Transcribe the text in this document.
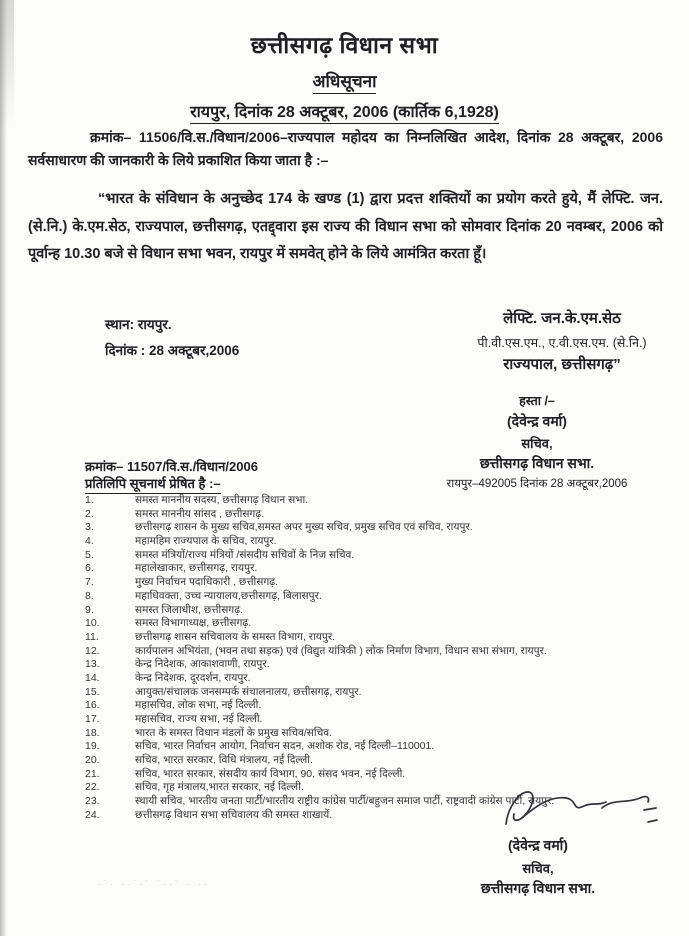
छत्तीसगढ़ विधान सभा
अधिसूचना
रायपुर, दिनांक 28 अक्टूबर, 2006 (कार्तिक 6,1928)

क्रमांक– 11506/वि.स./विधान/2006–राज्यपाल महोदय का निम्नलिखित आदेश, दिनांक 28 अक्टूबर, 2006 सर्वसाधारण की जानकारी के लिये प्रकाशित किया जाता है :–

“भारत के संविधान के अनुच्छेद 174 के खण्ड (1) द्वारा प्रदत्त शक्तियों का प्रयोग करते हुये, मैं लेफ्टि. जन. (से.नि.) के.एम.सेठ, राज्यपाल, छत्तीसगढ़, एतद्द्वारा इस राज्य की विधान सभा को सोमवार दिनांक 20 नवम्बर, 2006 को पूर्वान्ह 10.30 बजे से विधान सभा भवन, रायपुर में समवेत् होने के लिये आमंत्रित करता हूँ।

स्थान: रायपुर.
दिनांक : 28 अक्टूबर,2006
लेफ्टि. जन.के.एम.सेठ
पी.वी.एस.एम., ए.वी.एस.एम. (से.नि.)
राज्यपाल, छत्तीसगढ़”
हस्ता /–
(देवेन्द्र वर्मा)
सचिव,
छत्तीसगढ़ विधान सभा.
रायपुर–492005 दिनांक 28 अक्टूबर,2006
क्रमांक– 11507/वि.स./विधान/2006
प्रतिलिपि सूचनार्थ प्रेषित है :–
1.	समस्त माननीय सदस्य, छत्तीसगढ़ विधान सभा.
2.	समस्त माननीय सांसद , छत्तीसगढ़.
3.	छत्तीसगढ़ शासन के मुख्य सचिव,समस्त अपर मुख्य सचिव, प्रमुख सचिव एवं सचिव, रायपुर.
4.	महामहिम राज्यपाल के सचिव, रायपुर.
5.	समस्त मंत्रियों/राज्य मंत्रियों /संसदीय सचिवों के निज सचिव.
6.	महालेखाकार, छत्तीसगढ़, रायपुर.
7.	मुख्य निर्वाचन पदाधिकारी , छत्तीसगढ़.
8.	महाधिवक्ता, उच्च न्यायालय,छत्तीसगढ़, बिलासपुर.
9.	समस्त जिलाधीश, छत्तीसगढ़.
10.	समस्त विभागाध्यक्ष, छत्तीसगढ़.
11.	छत्तीसगढ़ शासन सचिवालय के समस्त विभाग, रायपुर.
12.	कार्यपालन अभियंता, (भवन तथा सड़क) एवं (विद्युत यांत्रिकी ) लोक निर्माण विभाग, विधान सभा संभाग, रायपुर.
13.	केन्द्र निदेशक, आकाशवाणी, रायपुर.
14.	केन्द्र निदेशक, दूरदर्शन, रायपुर.
15.	आयुक्त/संचालक जनसम्पर्क संचालनालय, छत्तीसगढ़, रायपुर.
16.	महासचिव, लोक सभा, नई दिल्ली.
17.	महासचिव, राज्य सभा, नई दिल्ली.
18.	भारत के समस्त विधान मंडलों के प्रमुख सचिव/सचिव.
19.	सचिव, भारत निर्वाचन आयोग, निर्वाचन सदन, अशोक रोड, नई दिल्ली–110001.
20.	सचिव, भारत सरकार, विधि मंत्रालय, नई दिल्ली.
21.	सचिव, भारत सरकार, संसदीय कार्य विभाग, 90, संसद भवन, नई दिल्ली.
22.	सचिव, गृह मंत्रालय,भारत सरकार, नई दिल्ली.
23.	स्थायी सचिव, भारतीय जनता पार्टी/भारतीय राष्ट्रीय कांग्रेस पार्टी/बहुजन समाज पार्टी, राष्ट्रवादी कांग्रेस पार्टी, रायपुर.
24.	छत्तीसगढ़ विधान सभा सचिवालय की समस्त शाखायें.
(देवेन्द्र वर्मा)
सचिव,
छत्तीसगढ़ विधान सभा.
·˙· ··˙·˙ ˙··˙ · ··
